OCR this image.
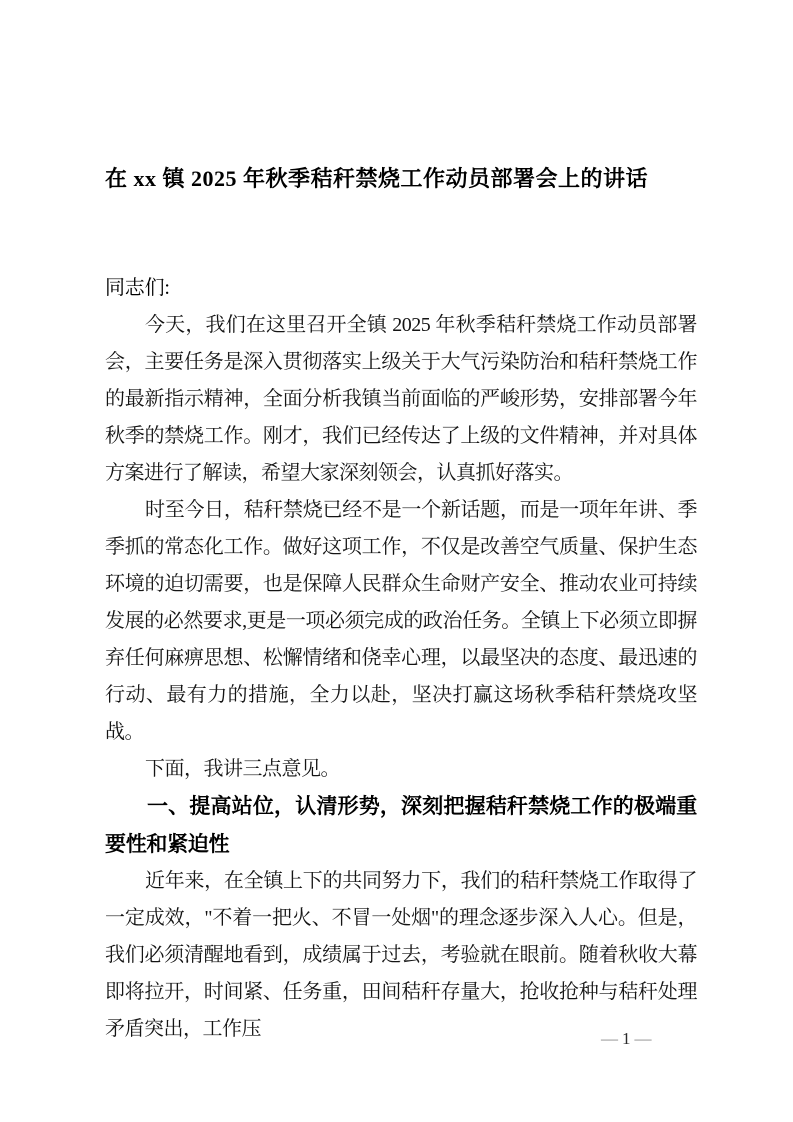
在 xx 镇 2025 年秋季秸秆禁烧工作动员部署会上的讲话

同志们:

今天，我们在这里召开全镇 2025 年秋季秸秆禁烧工作动员部署会，主要任务是深入贯彻落实上级关于大气污染防治和秸秆禁烧工作的最新指示精神，全面分析我镇当前面临的严峻形势，安排部署今年秋季的禁烧工作。刚才，我们已经传达了上级的文件精神，并对具体方案进行了解读，希望大家深刻领会，认真抓好落实。

时至今日，秸秆禁烧已经不是一个新话题，而是一项年年讲、季季抓的常态化工作。做好这项工作，不仅是改善空气质量、保护生态环境的迫切需要，也是保障人民群众生命财产安全、推动农业可持续发展的必然要求,更是一项必须完成的政治任务。全镇上下必须立即摒弃任何麻痹思想、松懈情绪和侥幸心理，以最坚决的态度、最迅速的行动、最有力的措施，全力以赴，坚决打赢这场秋季秸秆禁烧攻坚战。

下面，我讲三点意见。

一、提高站位，认清形势，深刻把握秸秆禁烧工作的极端重要性和紧迫性

近年来，在全镇上下的共同努力下，我们的秸秆禁烧工作取得了一定成效，"不着一把火、不冒一处烟"的理念逐步深入人心。但是，我们必须清醒地看到，成绩属于过去，考验就在眼前。随着秋收大幕即将拉开，时间紧、任务重，田间秸秆存量大，抢收抢种与秸秆处理矛盾突出，工作压	— 1 —
